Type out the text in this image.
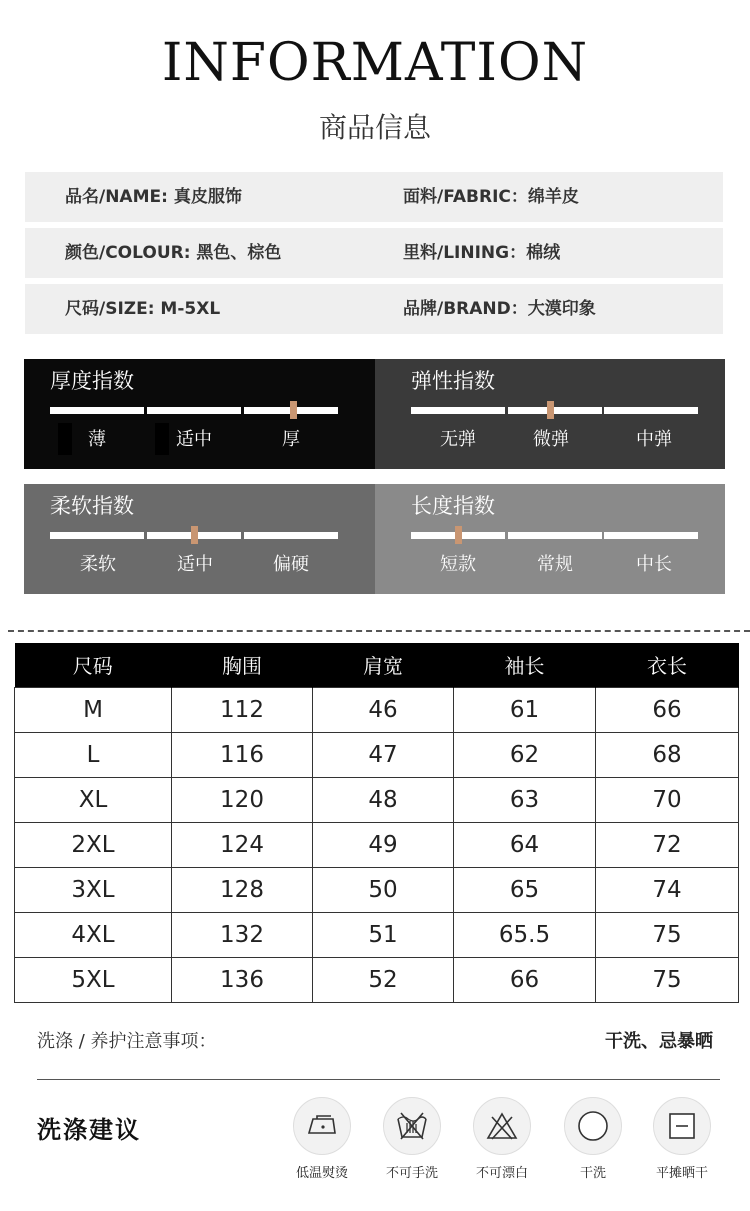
INFORMATION
商品信息
品名/NAME: 真皮服饰	面料/FABRIC：绵羊皮
颜色/COLOUR: 黑色、棕色	里料/LINING：棉绒
尺码/SIZE: M-5XL	品牌/BRAND：大漠印象
厚度指数
薄	适中	厚
弹性指数
无弹	微弹	中弹
柔软指数
柔软	适中	偏硬
长度指数
短款	常规	中长
尺码	胸围	肩宽	袖长	衣长
M	112	46	61	66
L	116	47	62	68
XL	120	48	63	70
2XL	124	49	64	72
3XL	128	50	65	74
4XL	132	51	65.5	75
5XL	136	52	66	75
洗涤 / 养护注意事项：	干洗、忌暴晒
洗涤建议
低温熨烫	不可手洗	不可漂白	干洗	平摊晒干
